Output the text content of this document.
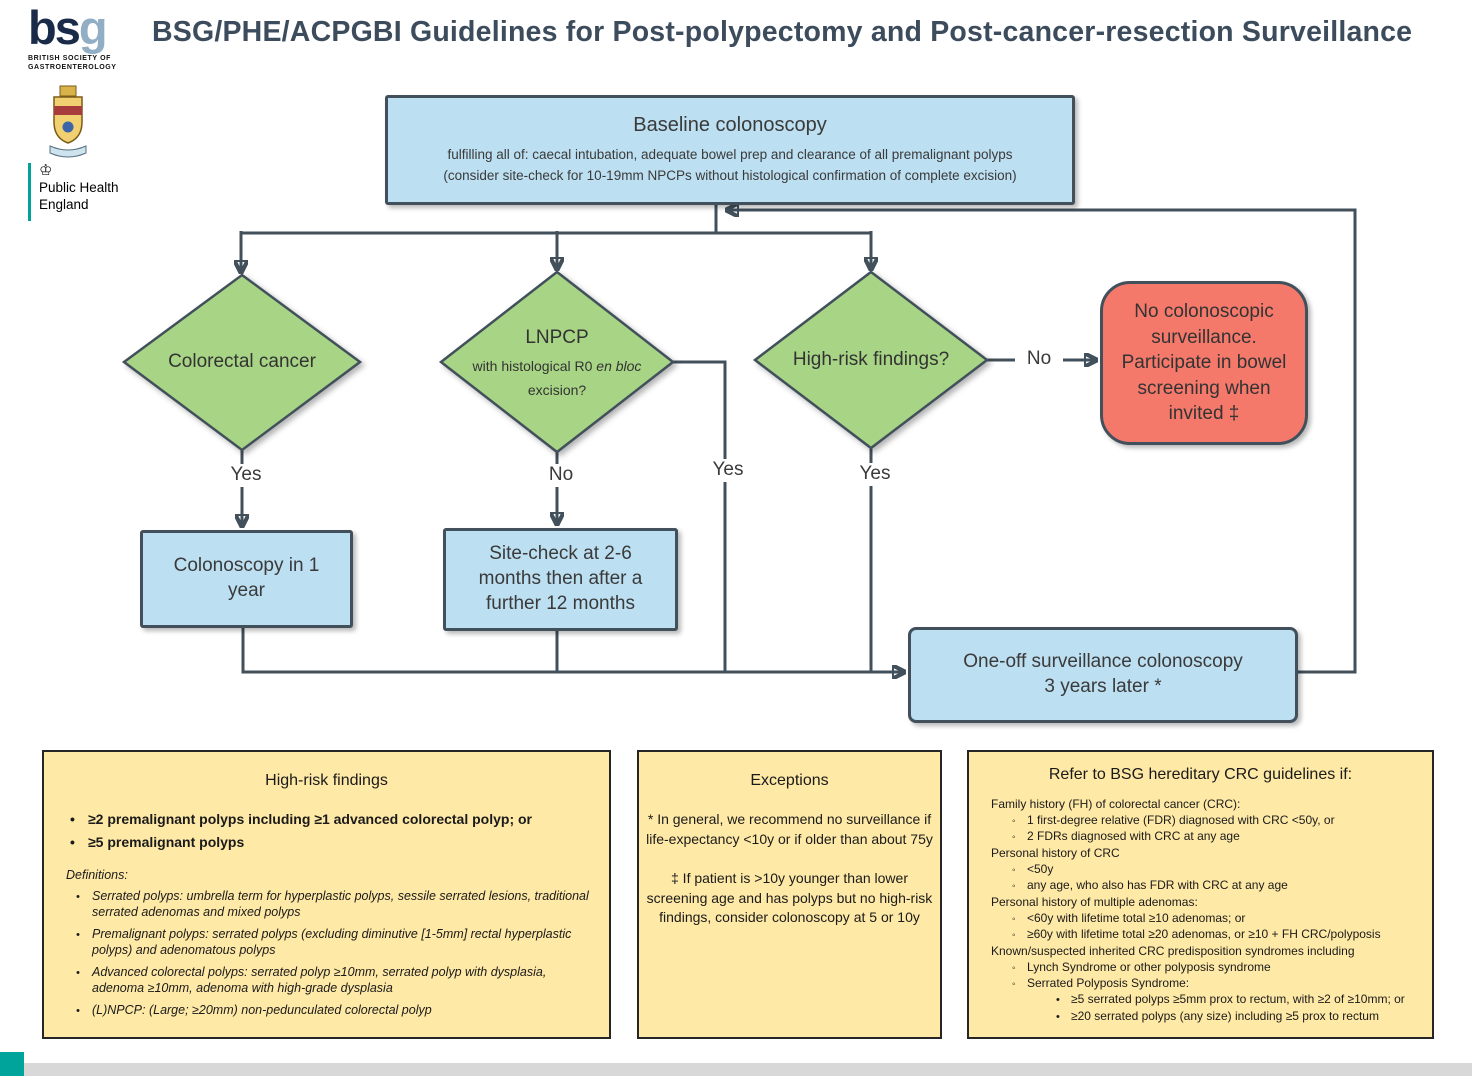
BSG/PHE/ACPGBI Guidelines for Post-polypectomy and Post-cancer-resection Surveillance
bsg
BRITISH SOCIETY OF
GASTROENTEROLOGY
♔
Public Health
England
Baseline colonoscopy
fulfilling all of: caecal intubation, adequate bowel prep and clearance of all premalignant polyps
(consider site-check for 10-19mm NPCPs without histological confirmation of complete excision)
Colorectal cancer
LNPCP
with histological R0 en bloc
excision?
High-risk findings?
No colonoscopic surveillance. Participate in bowel screening when invited ‡
Colonoscopy in 1 year
Site-check at 2-6 months then after a further 12 months
One-off surveillance colonoscopy
3 years later *
Yes	No	Yes	Yes
No
High-risk findings
• ≥2 premalignant polyps including ≥1 advanced colorectal polyp; or
• ≥5 premalignant polyps
Definitions:
• Serrated polyps: umbrella term for hyperplastic polyps, sessile serrated lesions, traditional serrated adenomas and mixed polyps
• Premalignant polyps: serrated polyps (excluding diminutive [1-5mm] rectal hyperplastic polyps) and adenomatous polyps
• Advanced colorectal polyps: serrated polyp ≥10mm, serrated polyp with dysplasia, adenoma ≥10mm, adenoma with high-grade dysplasia
• (L)NPCP: (Large; ≥20mm) non-pedunculated colorectal polyp
Exceptions
* In general, we recommend no surveillance if life-expectancy <10y or if older than about 75y
‡ If patient is >10y younger than lower screening age and has polyps but no high-risk findings, consider colonoscopy at 5 or 10y
Refer to BSG hereditary CRC guidelines if:
Family history (FH) of colorectal cancer (CRC):
◦ 1 first-degree relative (FDR) diagnosed with CRC <50y, or
◦ 2 FDRs diagnosed with CRC at any age
Personal history of CRC
◦ <50y
◦ any age, who also has FDR with CRC at any age
Personal history of multiple adenomas:
◦ <60y with lifetime total ≥10 adenomas; or
◦ ≥60y with lifetime total ≥20 adenomas, or ≥10 + FH CRC/polyposis
Known/suspected inherited CRC predisposition syndromes including
◦ Lynch Syndrome or other polyposis syndrome
◦ Serrated Polyposis Syndrome:
• ≥5 serrated polyps ≥5mm prox to rectum, with ≥2 of ≥10mm; or
• ≥20 serrated polyps (any size) including ≥5 prox to rectum
